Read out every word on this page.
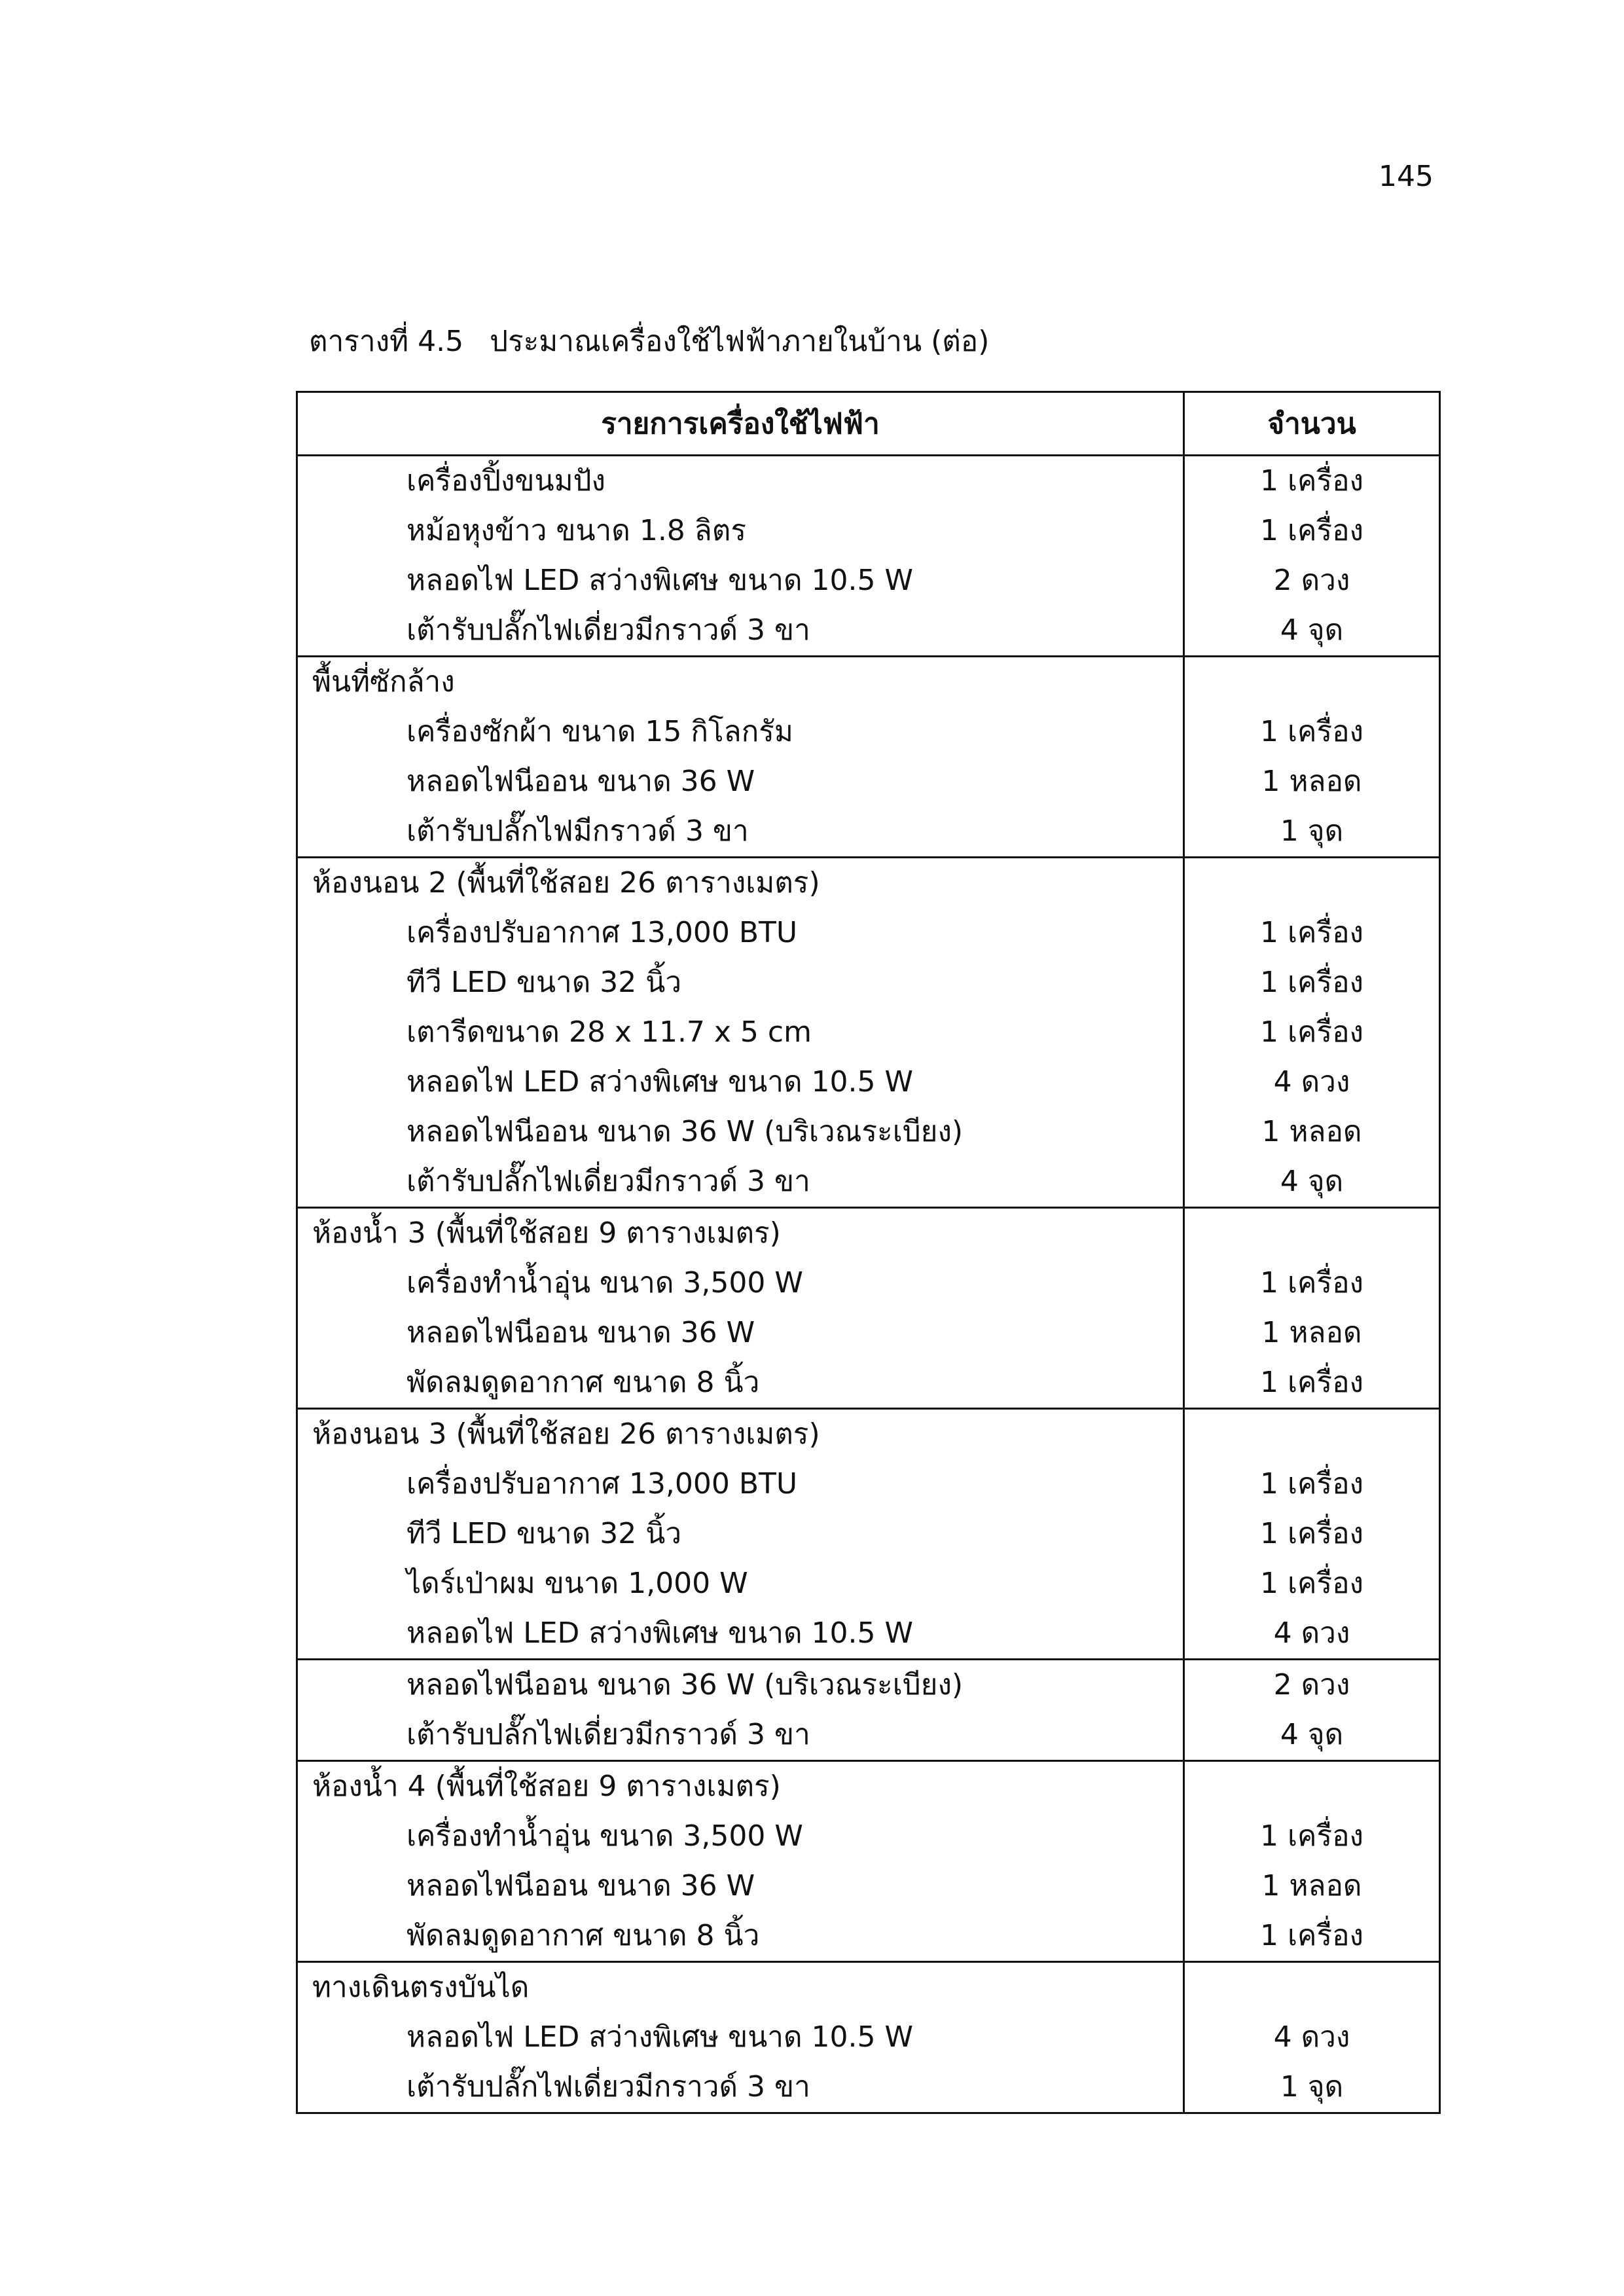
145
ตารางที่ 4.5 ประมาณเครื่องใช้ไฟฟ้าภายในบ้าน (ต่อ)
รายการเครื่องใช้ไฟฟ้า	จำนวน
เครื่องปิ้งขนมปัง	1 เครื่อง
หม้อหุงข้าว ขนาด 1.8 ลิตร	1 เครื่อง
หลอดไฟ LED สว่างพิเศษ ขนาด 10.5 W	2 ดวง
เต้ารับปลั๊กไฟเดี่ยวมีกราวด์ 3 ขา	4 จุด
พื้นที่ซักล้าง	
เครื่องซักผ้า ขนาด 15 กิโลกรัม	1 เครื่อง
หลอดไฟนีออน ขนาด 36 W	1 หลอด
เต้ารับปลั๊กไฟมีกราวด์ 3 ขา	1 จุด
ห้องนอน 2 (พื้นที่ใช้สอย 26 ตารางเมตร)	
เครื่องปรับอากาศ 13,000 BTU	1 เครื่อง
ทีวี LED ขนาด 32 นิ้ว	1 เครื่อง
เตารีดขนาด 28 x 11.7 x 5 cm	1 เครื่อง
หลอดไฟ LED สว่างพิเศษ ขนาด 10.5 W	4 ดวง
หลอดไฟนีออน ขนาด 36 W (บริเวณระเบียง)	1 หลอด
เต้ารับปลั๊กไฟเดี่ยวมีกราวด์ 3 ขา	4 จุด
ห้องน้ำ 3 (พื้นที่ใช้สอย 9 ตารางเมตร)	
เครื่องทำน้ำอุ่น ขนาด 3,500 W	1 เครื่อง
หลอดไฟนีออน ขนาด 36 W	1 หลอด
พัดลมดูดอากาศ ขนาด 8 นิ้ว	1 เครื่อง
ห้องนอน 3 (พื้นที่ใช้สอย 26 ตารางเมตร)	
เครื่องปรับอากาศ 13,000 BTU	1 เครื่อง
ทีวี LED ขนาด 32 นิ้ว	1 เครื่อง
ไดร์เป่าผม ขนาด 1,000 W	1 เครื่อง
หลอดไฟ LED สว่างพิเศษ ขนาด 10.5 W	4 ดวง
หลอดไฟนีออน ขนาด 36 W (บริเวณระเบียง)	2 ดวง
เต้ารับปลั๊กไฟเดี่ยวมีกราวด์ 3 ขา	4 จุด
ห้องน้ำ 4 (พื้นที่ใช้สอย 9 ตารางเมตร)	
เครื่องทำน้ำอุ่น ขนาด 3,500 W	1 เครื่อง
หลอดไฟนีออน ขนาด 36 W	1 หลอด
พัดลมดูดอากาศ ขนาด 8 นิ้ว	1 เครื่อง
ทางเดินตรงบันได	
หลอดไฟ LED สว่างพิเศษ ขนาด 10.5 W	4 ดวง
เต้ารับปลั๊กไฟเดี่ยวมีกราวด์ 3 ขา	1 จุด
